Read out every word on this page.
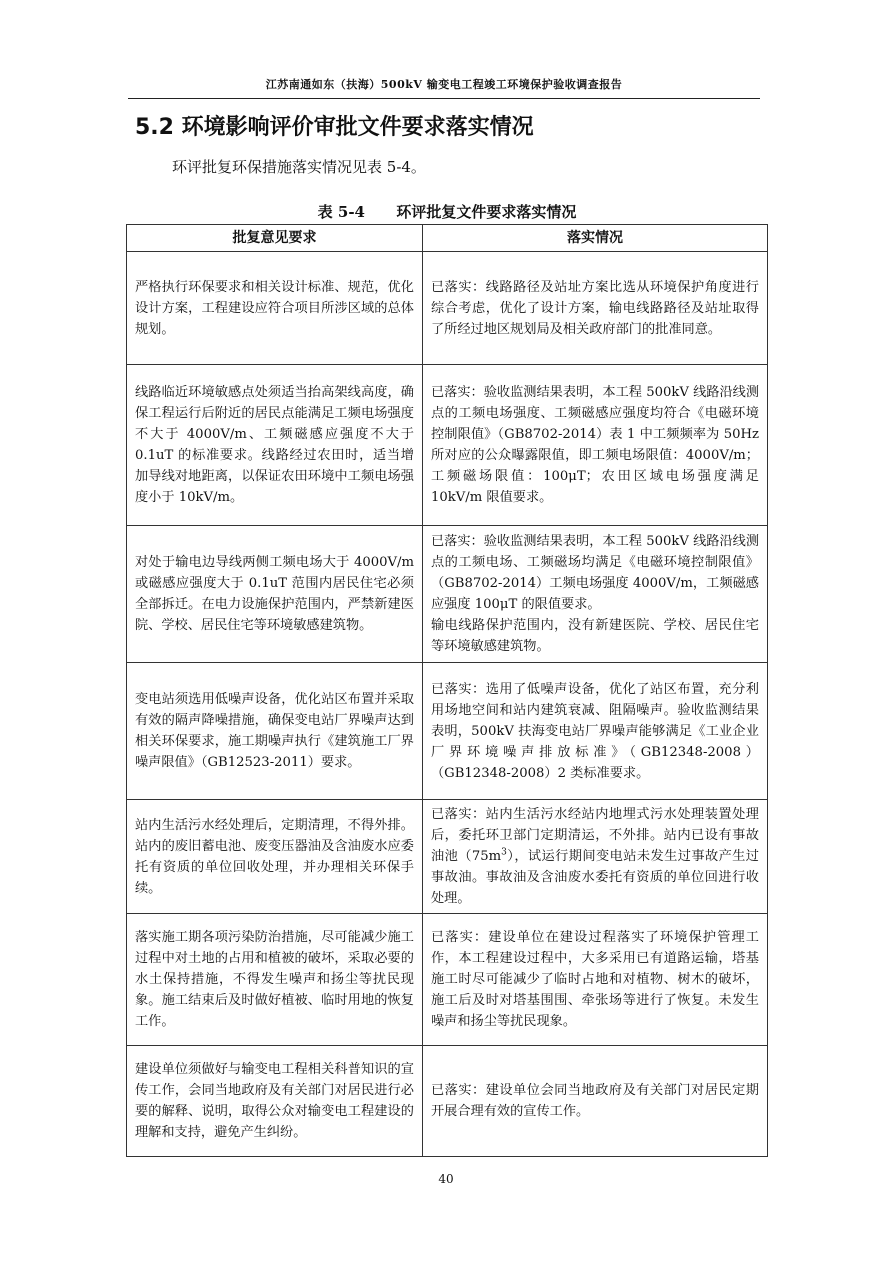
江苏南通如东（扶海）500kV 输变电工程竣工环境保护验收调查报告
5.2 环境影响评价审批文件要求落实情况
环评批复环保措施落实情况见表 5-4。
表 5-4      环评批复文件要求落实情况
批复意见要求	落实情况
严格执行环保要求和相关设计标准、规范，优化设计方案，工程建设应符合项目所涉区域的总体规划。	已落实：线路路径及站址方案比选从环境保护角度进行综合考虑，优化了设计方案，输电线路路径及站址取得了所经过地区规划局及相关政府部门的批准同意。
线路临近环境敏感点处须适当抬高架线高度，确保工程运行后附近的居民点能满足工频电场强度不大于 4000V/m、工频磁感应强度不大于 0.1uT 的标准要求。线路经过农田时，适当增加导线对地距离，以保证农田环境中工频电场强度小于 10kV/m。	已落实：验收监测结果表明，本工程 500kV 线路沿线测点的工频电场强度、工频磁感应强度均符合《电磁环境控制限值》（GB8702-2014）表 1 中工频频率为 50Hz 所对应的公众曝露限值，即工频电场限值：4000V/m；工频磁场限值：100μT；农田区域电场强度满足 10kV/m 限值要求。
对处于输电边导线两侧工频电场大于 4000V/m 或磁感应强度大于 0.1uT 范围内居民住宅必须全部拆迁。在电力设施保护范围内，严禁新建医院、学校、居民住宅等环境敏感建筑物。	已落实：验收监测结果表明，本工程 500kV 线路沿线测点的工频电场、工频磁场均满足《电磁环境控制限值》（GB8702-2014）工频电场强度 4000V/m，工频磁感应强度 100μT 的限值要求。

输电线路保护范围内，没有新建医院、学校、居民住宅等环境敏感建筑物。

变电站须选用低噪声设备，优化站区布置并采取有效的隔声降噪措施，确保变电站厂界噪声达到相关环保要求，施工期噪声执行《建筑施工厂界噪声限值》（GB12523-2011）要求。	已落实：选用了低噪声设备，优化了站区布置，充分利用场地空间和站内建筑衰减、阻隔噪声。验收监测结果表明，500kV 扶海变电站厂界噪声能够满足《工业企业厂界环境噪声排放标准》（GB12348-2008）（GB12348-2008）2 类标准要求。
站内生活污水经处理后，定期清理，不得外排。站内的废旧蓄电池、废变压器油及含油废水应委托有资质的单位回收处理，并办理相关环保手续。	已落实：站内生活污水经站内地埋式污水处理装置处理后，委托环卫部门定期清运，不外排。站内已设有事故油池$(75m^3)$，试运行期间变电站未发生过事故产生过事故油。事故油及含油废水委托有资质的单位回进行收处理。
落实施工期各项污染防治措施，尽可能减少施工过程中对土地的占用和植被的破坏，采取必要的水土保持措施，不得发生噪声和扬尘等扰民现象。施工结束后及时做好植被、临时用地的恢复工作。	已落实：建设单位在建设过程落实了环境保护管理工作，本工程建设过程中，大多采用已有道路运输，塔基施工时尽可能减少了临时占地和对植物、树木的破坏，施工后及时对塔基围围、牵张场等进行了恢复。未发生噪声和扬尘等扰民现象。
建设单位须做好与输变电工程相关科普知识的宣传工作，会同当地政府及有关部门对居民进行必要的解释、说明，取得公众对输变电工程建设的理解和支持，避免产生纠纷。	已落实：建设单位会同当地政府及有关部门对居民定期开展合理有效的宣传工作。
40
